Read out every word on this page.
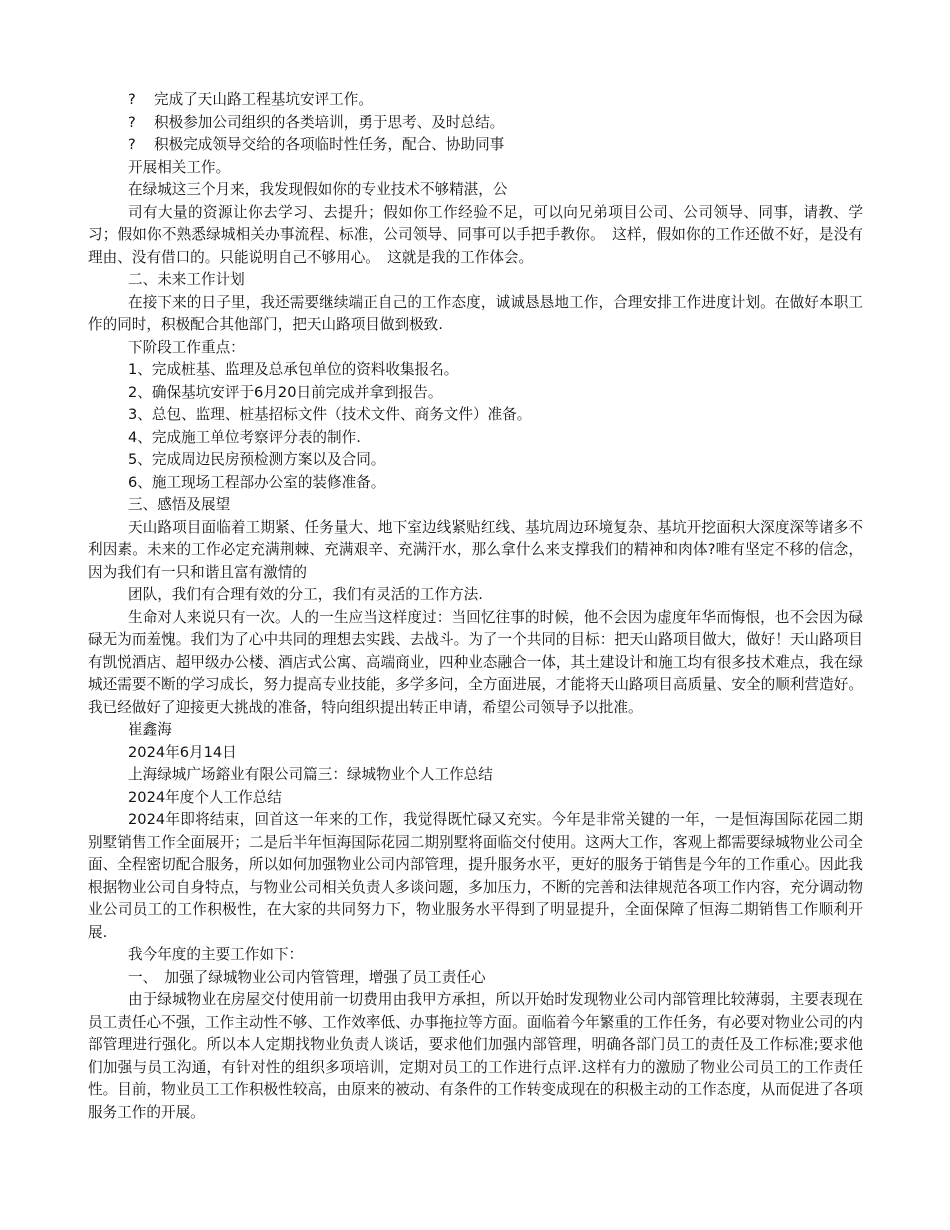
? 完成了天山路工程基坑安评工作。
? 积极参加公司组织的各类培训，勇于思考、及时总结。
? 积极完成领导交给的各项临时性任务，配合、协助同事
开展相关工作。
在绿城这三个月来，我发现假如你的专业技术不够精湛，公

司有大量的资源让你去学习、去提升；假如你工作经验不足，可以向兄弟项目公司、公司领导、同事，请教、学习；假如你不熟悉绿城相关办事流程、标准，公司领导、同事可以手把手教你。　这样，假如你的工作还做不好，是没有理由、没有借口的。只能说明自己不够用心。　这就是我的工作体会。

二、未来工作计划

在接下来的日子里，我还需要继续端正自己的工作态度，诚诚恳恳地工作，合理安排工作进度计划。在做好本职工作的同时，积极配合其他部门，把天山路项目做到极致.

下阶段工作重点：
1、完成桩基、监理及总承包单位的资料收集报名。
2、确保基坑安评于6月20日前完成并拿到报告。
3、总包、监理、桩基招标文件（技术文件、商务文件）准备。
4、完成施工单位考察评分表的制作.
5、完成周边民房预检测方案以及合同。
6、施工现场工程部办公室的装修准备。
三、感悟及展望

天山路项目面临着工期紧、任务量大、地下室边线紧贴红线、基坑周边环境复杂、基坑开挖面积大深度深等诸多不利因素。未来的工作必定充满荆棘、充满艰辛、充满汗水，那么拿什么来支撑我们的精神和肉体?唯有坚定不移的信念，因为我们有一只和谐且富有激情的

团队，我们有合理有效的分工，我们有灵活的工作方法.

生命对人来说只有一次。人的一生应当这样度过：当回忆往事的时候，他不会因为虚度年华而悔恨，也不会因为碌碌无为而羞愧。我们为了心中共同的理想去实践、去战斗。为了一个共同的目标：把天山路项目做大，做好！天山路项目有凯悦酒店、超甲级办公楼、酒店式公寓、高端商业，四种业态融合一体，其土建设计和施工均有很多技术难点，我在绿城还需要不断的学习成长，努力提高专业技能，多学多问，全方面进展，才能将天山路项目高质量、安全的顺利营造好。我已经做好了迎接更大挑战的准备，特向组织提出转正申请，希望公司领导予以批准。

崔鑫海
2024年6月14日
上海绿城广场鎔业有限公司篇三：绿城物业个人工作总结
2024年度个人工作总结

2024年即将结束，回首这一年来的工作，我觉得既忙碌又充实。今年是非常关键的一年，一是恒海国际花园二期别墅销售工作全面展开；二是后半年恒海国际花园二期别墅将面临交付使用。这两大工作，客观上都需要绿城物业公司全面、全程密切配合服务，所以如何加强物业公司内部管理，提升服务水平，更好的服务于销售是今年的工作重心。因此我根据物业公司自身特点，与物业公司相关负责人多谈问题，多加压力，不断的完善和法律规范各项工作内容，充分调动物业公司员工的工作积极性，在大家的共同努力下，物业服务水平得到了明显提升，全面保障了恒海二期销售工作顺利开展.

我今年度的主要工作如下：
一、　加强了绿城物业公司内管管理，增强了员工责任心

由于绿城物业在房屋交付使用前一切费用由我甲方承担，所以开始时发现物业公司内部管理比较薄弱，主要表现在员工责任心不强，工作主动性不够、工作效率低、办事拖拉等方面。面临着今年繁重的工作任务，有必要对物业公司的内部管理进行强化。所以本人定期找物业负责人谈话，要求他们加强内部管理，明确各部门员工的责任及工作标准;要求他们加强与员工沟通，有针对性的组织多项培训，定期对员工的工作进行点评.这样有力的激励了物业公司员工的工作责任性。目前，物业员工工作积极性较高，由原来的被动、有条件的工作转变成现在的积极主动的工作态度，从而促进了各项服务工作的开展。
